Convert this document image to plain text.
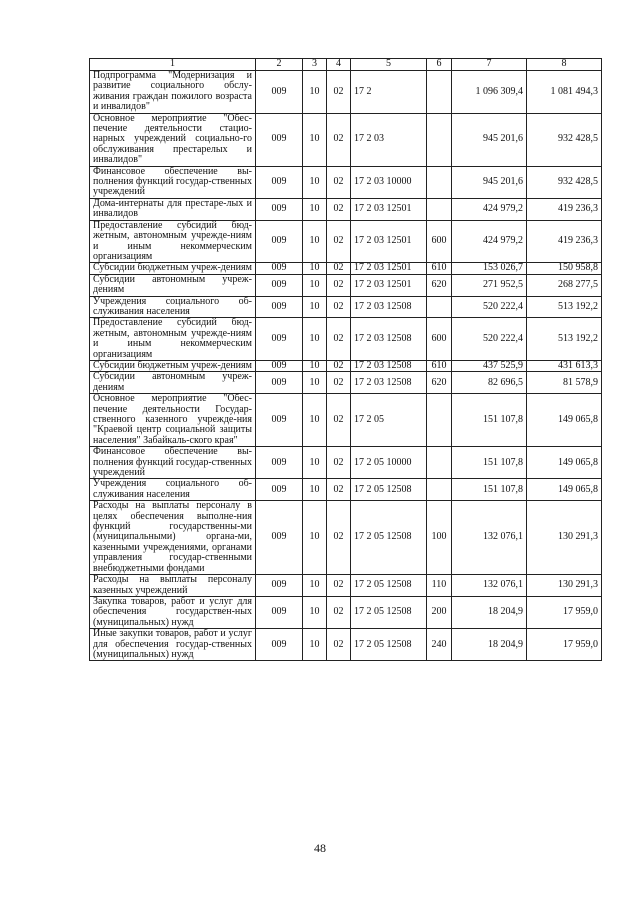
1	2	3	4	5	6	7	8
Подпрограмма "Модернизация и развитие социального обслу-живания граждан пожилого возраста и инвалидов"	009	10	02	17 2		1 096 309,4	1 081 494,3
Основное мероприятие "Обес-печение деятельности стацио-нарных учреждений социально-го обслуживания престарелых и инвалидов"	009	10	02	17 2 03		945 201,6	932 428,5
Финансовое обеспечение вы-полнения функций государ-ственных учреждений	009	10	02	17 2 03 10000		945 201,6	932 428,5
Дома-интернаты для престаре-лых и инвалидов	009	10	02	17 2 03 12501		424 979,2	419 236,3
Предоставление субсидий бюд-жетным, автономным учрежде-ниям и иным некоммерческим организациям	009	10	02	17 2 03 12501	600	424 979,2	419 236,3
Субсидии бюджетным учреж-дениям	009	10	02	17 2 03 12501	610	153 026,7	150 958,8
Субсидии автономным учреж-дениям	009	10	02	17 2 03 12501	620	271 952,5	268 277,5
Учреждения социального об-служивания населения	009	10	02	17 2 03 12508		520 222,4	513 192,2
Предоставление субсидий бюд-жетным, автономным учрежде-ниям и иным некоммерческим организациям	009	10	02	17 2 03 12508	600	520 222,4	513 192,2
Субсидии бюджетным учреж-дениям	009	10	02	17 2 03 12508	610	437 525,9	431 613,3
Субсидии автономным учреж-дениям	009	10	02	17 2 03 12508	620	82 696,5	81 578,9
Основное мероприятие "Обес-печение деятельности Государ-ственного казенного учрежде-ния "Краевой центр социальной защиты населения" Забайкаль-ского края"	009	10	02	17 2 05		151 107,8	149 065,8
Финансовое обеспечение вы-полнения функций государ-ственных учреждений	009	10	02	17 2 05 10000		151 107,8	149 065,8
Учреждения социального об-служивания населения	009	10	02	17 2 05 12508		151 107,8	149 065,8
Расходы на выплаты персоналу в целях обеспечения выполне-ния функций государственны-ми (муниципальными) органа-ми, казенными учреждениями, органами управления государ-ственными внебюджетными фондами	009	10	02	17 2 05 12508	100	132 076,1	130 291,3
Расходы на выплаты персоналу казенных учреждений	009	10	02	17 2 05 12508	110	132 076,1	130 291,3
Закупка товаров, работ и услуг для обеспечения государствен-ных (муниципальных) нужд	009	10	02	17 2 05 12508	200	18 204,9	17 959,0
Иные закупки товаров, работ и услуг для обеспечения государ-ственных (муниципальных) нужд	009	10	02	17 2 05 12508	240	18 204,9	17 959,0
48
